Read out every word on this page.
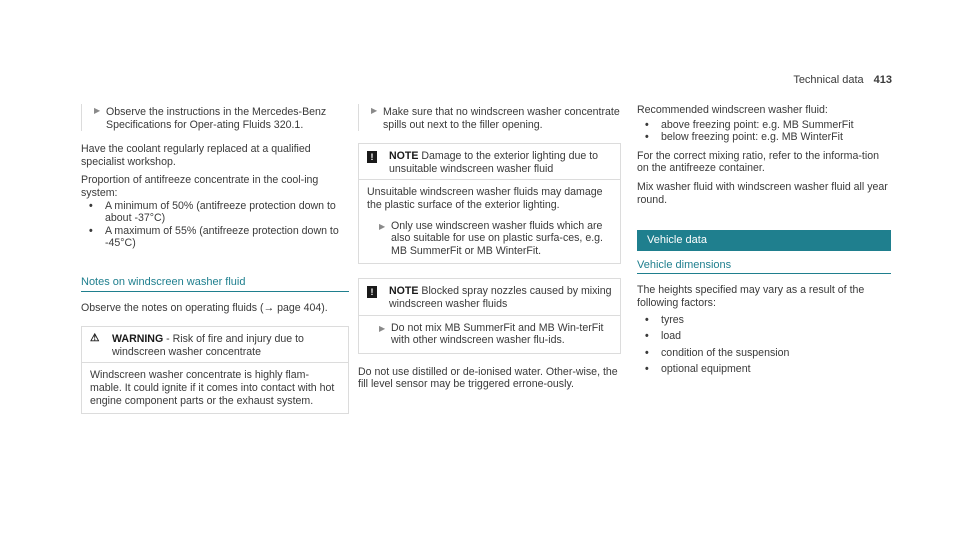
Technical data 413
▶ Observe the instructions in the Mercedes-Benz Specifications for Oper-ating Fluids 320.1.

Have the coolant regularly replaced at a qualified specialist workshop.

Proportion of antifreeze concentrate in the cool-ing system:

• A minimum of 50% (antifreeze protection down to about -37°C)
• A maximum of 55% (antifreeze protection down to -45°C)
Notes on windscreen washer fluid

Observe the notes on operating fluids (→ page 404).

⚠ WARNING - Risk of fire and injury due to windscreen washer concentrate
Windscreen washer concentrate is highly flam-mable. It could ignite if it comes into contact with hot engine component parts or the exhaust system.
▶ Make sure that no windscreen washer concentrate spills out next to the filler opening.

!	NOTE Damage to the exterior lighting due to unsuitable windscreen washer fluid

Unsuitable windscreen washer fluids may damage the plastic surface of the exterior lighting.

▶ Only use windscreen washer fluids which are also suitable for use on plastic surfa-ces, e.g. MB SummerFit or MB WinterFit.

!	NOTE Blocked spray nozzles caused by mixing windscreen washer fluids
▶ Do not mix MB SummerFit and MB Win-terFit with other windscreen washer flu-ids.

Do not use distilled or de-ionised water. Other-wise, the fill level sensor may be triggered errone-ously.

Recommended windscreen washer fluid:

• above freezing point: e.g. MB SummerFit
• below freezing point: e.g. MB WinterFit

For the correct mixing ratio, refer to the informa-tion on the antifreeze container.

Mix washer fluid with windscreen washer fluid all year round.

Vehicle data
Vehicle dimensions

The heights specified may vary as a result of the following factors:

• tyres
• load
• condition of the suspension
• optional equipment
